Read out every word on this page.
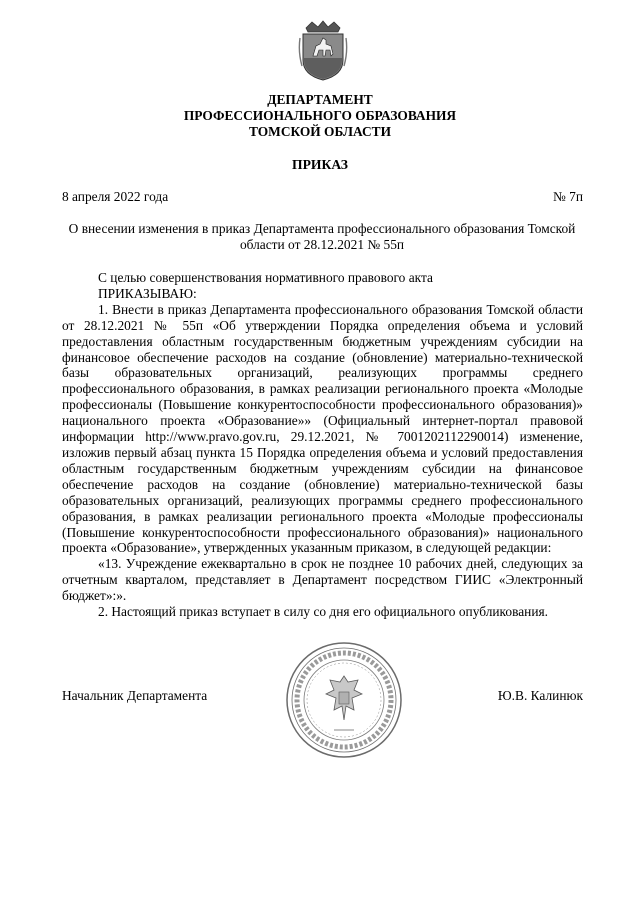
ДЕПАРТАМЕНТ
ПРОФЕССИОНАЛЬНОГО ОБРАЗОВАНИЯ
ТОМСКОЙ ОБЛАСТИ
ПРИКАЗ
8 апреля 2022 года	№ 7п
О внесении изменения в приказ Департамента профессионального образования Томской области от 28.12.2021 № 55п

С целью совершенствования нормативного правового акта

ПРИКАЗЫВАЮ:

1. Внести в приказ Департамента профессионального образования Томской области от 28.12.2021 № 55п «Об утверждении Порядка определения объема и условий предоставления областным государственным бюджетным учреждениям субсидии на финансовое обеспечение расходов на создание (обновление) материально-технической базы образовательных организаций, реализующих программы среднего профессионального образования, в рамках реализации регионального проекта «Молодые профессионалы (Повышение конкурентоспособности профессионального образования)» национального проекта «Образование»» (Официальный интернет-портал правовой информации http://www.pravo.gov.ru, 29.12.2021, № 7001202112290014) изменение, изложив первый абзац пункта 15 Порядка определения объема и условий предоставления областным государственным бюджетным учреждениям субсидии на финансовое обеспечение расходов на создание (обновление) материально-технической базы образовательных организаций, реализующих программы среднего профессионального образования, в рамках реализации регионального проекта «Молодые профессионалы (Повышение конкурентоспособности профессионального образования)» национального проекта «Образование», утвержденных указанным приказом, в следующей редакции:

«13. Учреждение ежеквартально в срок не позднее 10 рабочих дней, следующих за отчетным кварталом, представляет в Департамент посредством ГИИС «Электронный бюджет»:».

2. Настоящий приказ вступает в силу со дня его официального опубликования.

Начальник Департамента	Ю.В. Калинюк
